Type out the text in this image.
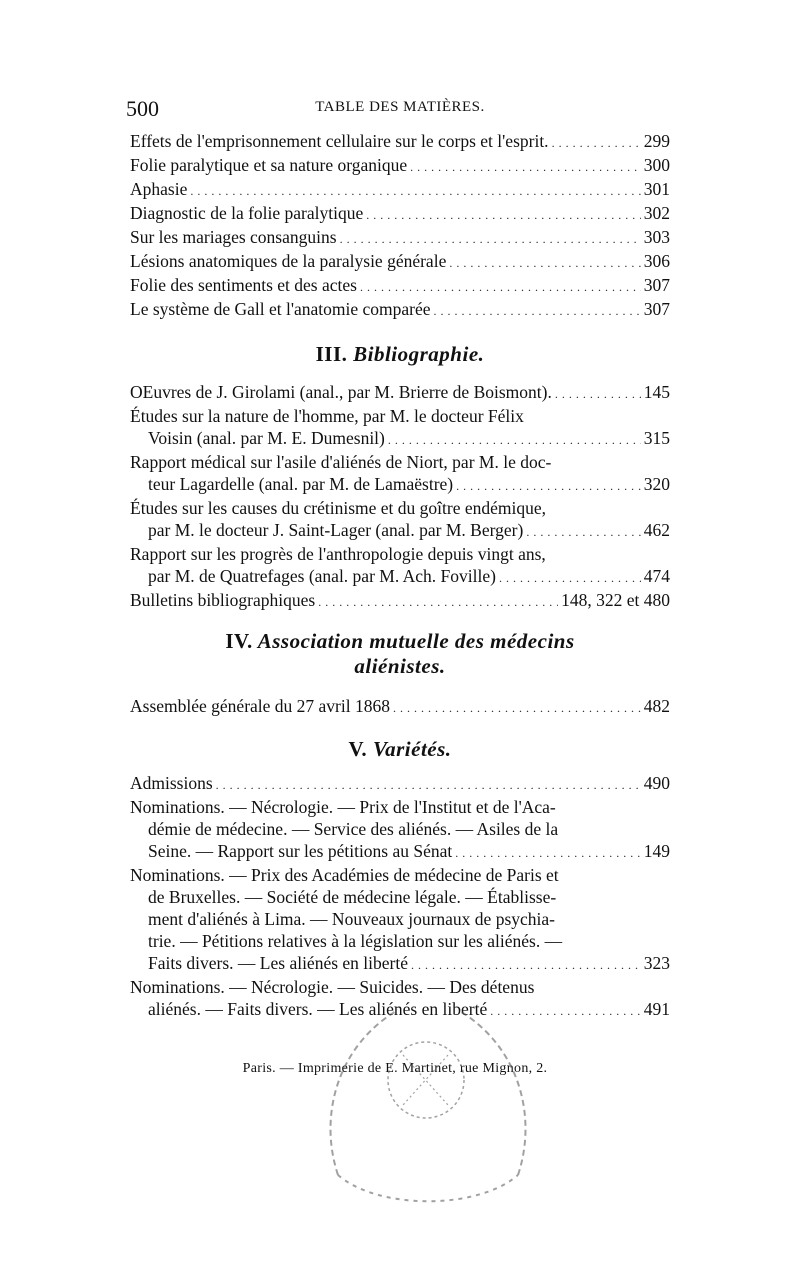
500	TABLE DES MATIÈRES.
Effets de l'emprisonnement cellulaire sur le corps et l'esprit. . . .	299
Folie paralytique et sa nature organique . . .	300
Aphasie . . .	301
Diagnostic de la folie paralytique . . .	302
Sur les mariages consanguins . . .	303
Lésions anatomiques de la paralysie générale . . .	306
Folie des sentiments et des actes . . .	307
Le système de Gall et l'anatomie comparée . . .	307
III. Bibliographie.
OEuvres de J. Girolami (anal., par M. Brierre de Boismont). . . .	145
Études sur la nature de l'homme, par M. le docteur Félix
Voisin (anal. par M. E. Dumesnil) . . .	315
Rapport médical sur l'asile d'aliénés de Niort, par M. le doc-
teur Lagardelle (anal. par M. de Lamaëstre) . . .	320
Études sur les causes du crétinisme et du goître endémique,
par M. le docteur J. Saint-Lager (anal. par M. Berger) . . .	462
Rapport sur les progrès de l'anthropologie depuis vingt ans,
par M. de Quatrefages (anal. par M. Ach. Foville) . . .	474
Bulletins bibliographiques . . .	148, 322 et 480
IV. Association mutuelle des médecins
aliénistes.
Assemblée générale du 27 avril 1868 . . .	482
V. Variétés.
Admissions . . .	490
Nominations. — Nécrologie. — Prix de l'Institut et de l'Aca-
démie de médecine. — Service des aliénés. — Asiles de la
Seine. — Rapport sur les pétitions au Sénat . . .	149
Nominations. — Prix des Académies de médecine de Paris et
de Bruxelles. — Société de médecine légale. — Établisse-
ment d'aliénés à Lima. — Nouveaux journaux de psychia-
trie. — Pétitions relatives à la législation sur les aliénés. —
Faits divers. — Les aliénés en liberté . . .	323
Nominations. — Nécrologie. — Suicides. — Des détenus
aliénés. — Faits divers. — Les aliénés en liberté . . .	491
Paris. — Imprimerie de E. Martinet, rue Mignon, 2.
